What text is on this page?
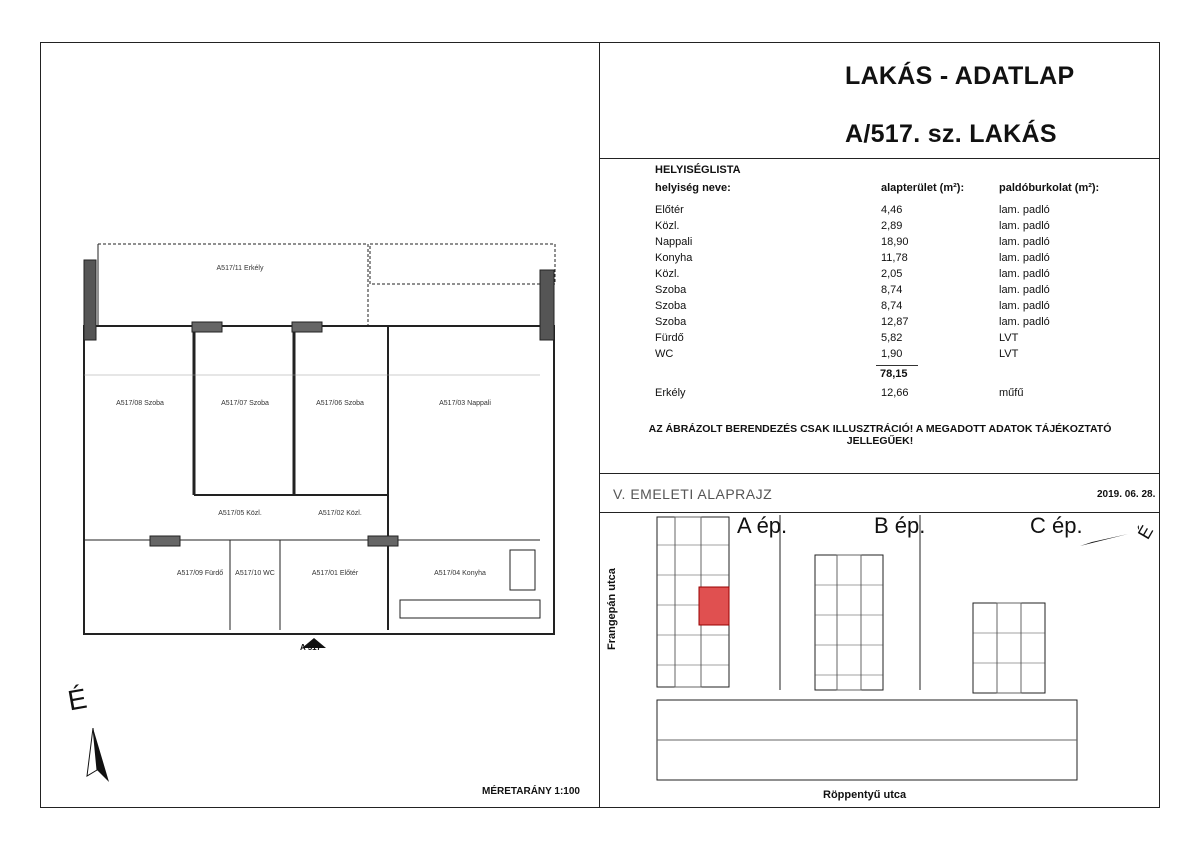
LAKÁS - ADATLAP
A/517. sz. LAKÁS
HELYISÉGLISTA
helyiség neve:	alapterület (m²):	paldóburkolat (m²):
Előtér	4,46	lam. padló
Közl.	2,89	lam. padló
Nappali	18,90	lam. padló
Konyha	11,78	lam. padló
Közl.	2,05	lam. padló
Szoba	8,74	lam. padló
Szoba	8,74	lam. padló
Szoba	12,87	lam. padló
Fürdő	5,82	LVT
WC	1,90	LVT
78,15
Erkély	12,66	műfű
AZ ÁBRÁZOLT BERENDEZÉS CSAK ILLUSZTRÁCIÓ! A MEGADOTT ADATOK TÁJÉKOZTATÓ JELLEGŰEK!
V. EMELETI ALAPRAJZ	2019. 06. 28.
A517/11 Erkély
A517/08 Szoba	A517/07 Szoba	A517/06 Szoba	A517/03 Nappali
A517/05 Közl.	A517/02 Közl.
A517/09 Fürdő A517/10 WC	A517/01 Előtér	A517/04 Konyha
A 517
É
MÉRETARÁNY 1:100
A ép.	B ép.	C ép.
Frangepán utca
Röppentyű utca
É
